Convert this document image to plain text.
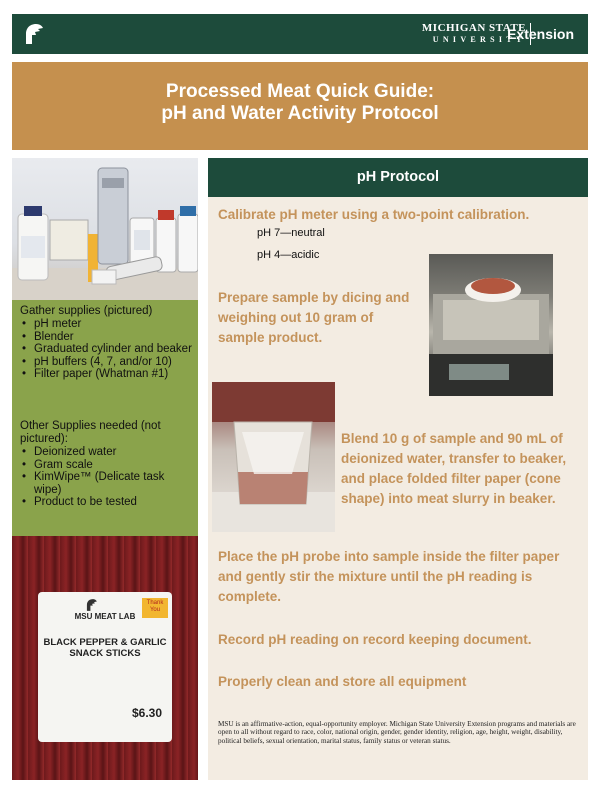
MICHIGAN STATE
UNIVERSITY
Extension
Processed Meat Quick Guide:
pH and Water Activity Protocol
Gather supplies (pictured)
• pH meter
• Blender
• Graduated cylinder and beaker
• pH buffers (4, 7, and/or 10)
• Filter paper (Whatman #1)
Other Supplies needed (not pictured):
• Deionized water
• Gram scale
• KimWipe™ (Delicate task wipe)
• Product to be tested
Thank You
MSU MEAT LAB
BLACK PEPPER & GARLIC SNACK STICKS
$6.30
pH Protocol
Calibrate pH meter using a two-point calibration.
pH 7—neutral
pH 4—acidic
Prepare sample by dicing and weighing out 10 gram of sample product.
Blend 10 g of sample and 90 mL of deionized water, transfer to beaker, and place folded filter paper (cone shape) into meat slurry in beaker.
Place the pH probe into sample inside the filter paper and gently stir the mixture until the pH reading is complete.
Record pH reading on record keeping document.
Properly clean and store all equipment
MSU is an affirmative-action, equal-opportunity employer. Michigan State University Extension programs and materials are open to all without regard to race, color, national origin, gender, gender identity, religion, age, height, weight, disability, political beliefs, sexual orientation, marital status, family status or veteran status.
